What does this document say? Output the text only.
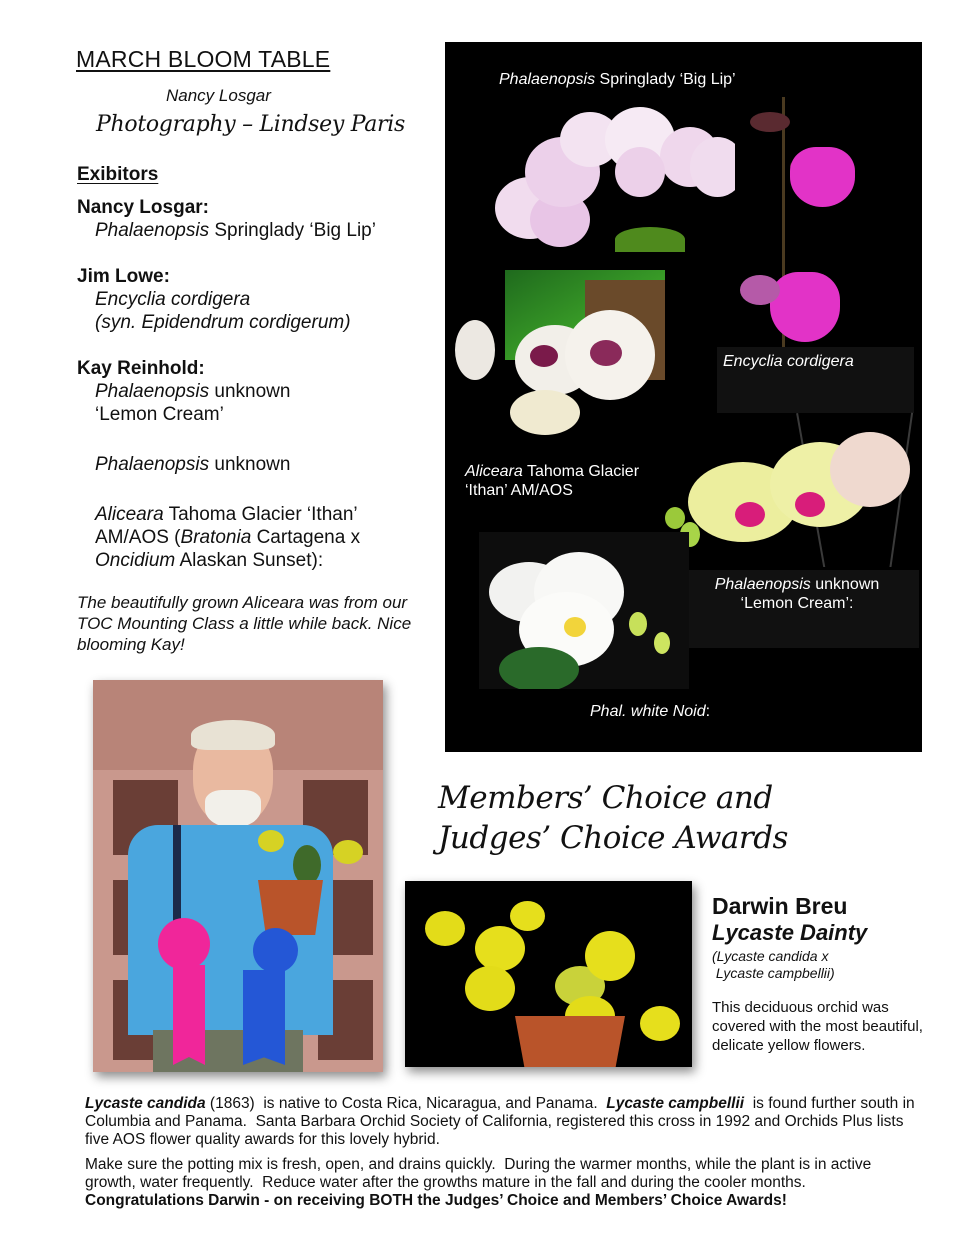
MARCH BLOOM TABLE
Nancy Losgar
Photography – Lindsey Paris
Exibitors
Nancy Losgar:
Phalaenopsis Springlady ‘Big Lip’
Jim Lowe:
Encyclia cordigera
(syn. Epidendrum cordigerum)
Kay Reinhold:
Phalaenopsis unknown
‘Lemon Cream’
Phalaenopsis unknown
Aliceara Tahoma Glacier ‘Ithan’
AM/AOS (Bratonia Cartagena x
Oncidium Alaskan Sunset):
The beautifully grown Aliceara was from our TOC Mounting Class a little while back. Nice blooming Kay!
Phalaenopsis Springlady ‘Big Lip’
Encyclia cordigera
Aliceara Tahoma Glacier
‘Ithan’ AM/AOS
Phalaenopsis unknown
‘Lemon Cream’:
Phal. white Noid:
Members’ Choice and
Judges’ Choice Awards
Darwin Breu
Lycaste Dainty
(Lycaste candida x
Lycaste campbellii)
This deciduous orchid was covered with the most beautiful, delicate yellow flowers.

Lycaste candida (1863)  is native to Costa Rica, Nicaragua, and Panama.  Lycaste campbellii  is found further south in Columbia and Panama.  Santa Barbara Orchid Society of California, registered this cross in 1992 and Orchids Plus lists five AOS flower quality awards for this lovely hybrid.

Make sure the potting mix is fresh, open, and drains quickly.  During the warmer months, while the plant is in active growth, water frequently.  Reduce water after the growths mature in the fall and during the cooler months. Congratulations Darwin - on receiving BOTH the Judges’ Choice and Members’ Choice Awards!
